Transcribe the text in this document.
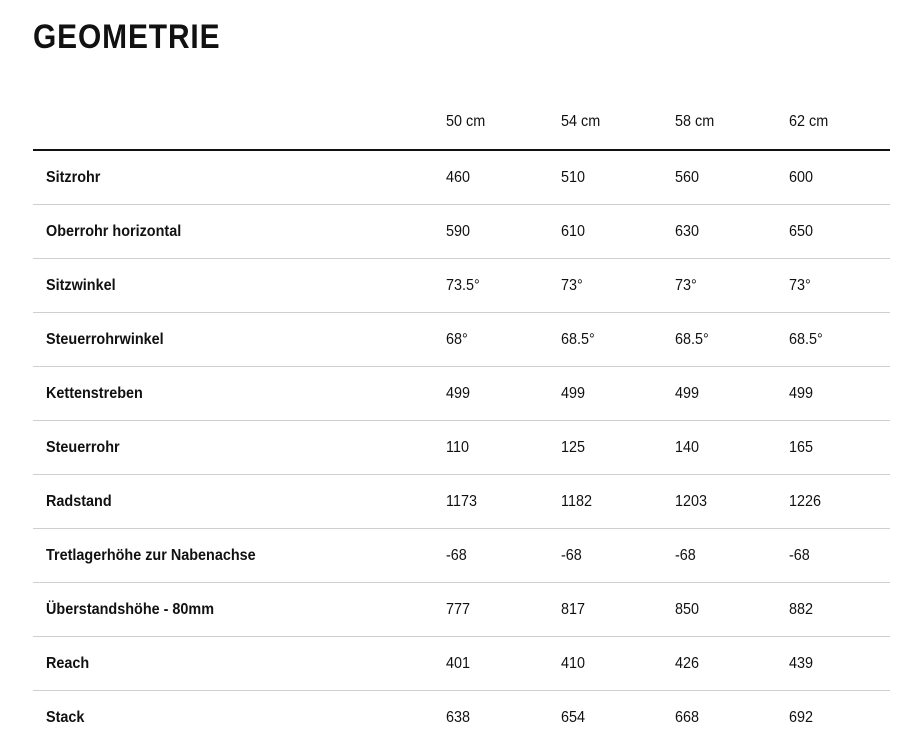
GEOMETRIE
	50 cm	54 cm	58 cm	62 cm
Sitzrohr	460	510	560	600
Oberrohr horizontal	590	610	630	650
Sitzwinkel	73.5°	73°	73°	73°
Steuerrohrwinkel	68°	68.5°	68.5°	68.5°
Kettenstreben	499	499	499	499
Steuerrohr	110	125	140	165
Radstand	1173	1182	1203	1226
Tretlagerhöhe zur Nabenachse	-68	-68	-68	-68
Überstandshöhe - 80mm	777	817	850	882
Reach	401	410	426	439
Stack	638	654	668	692
